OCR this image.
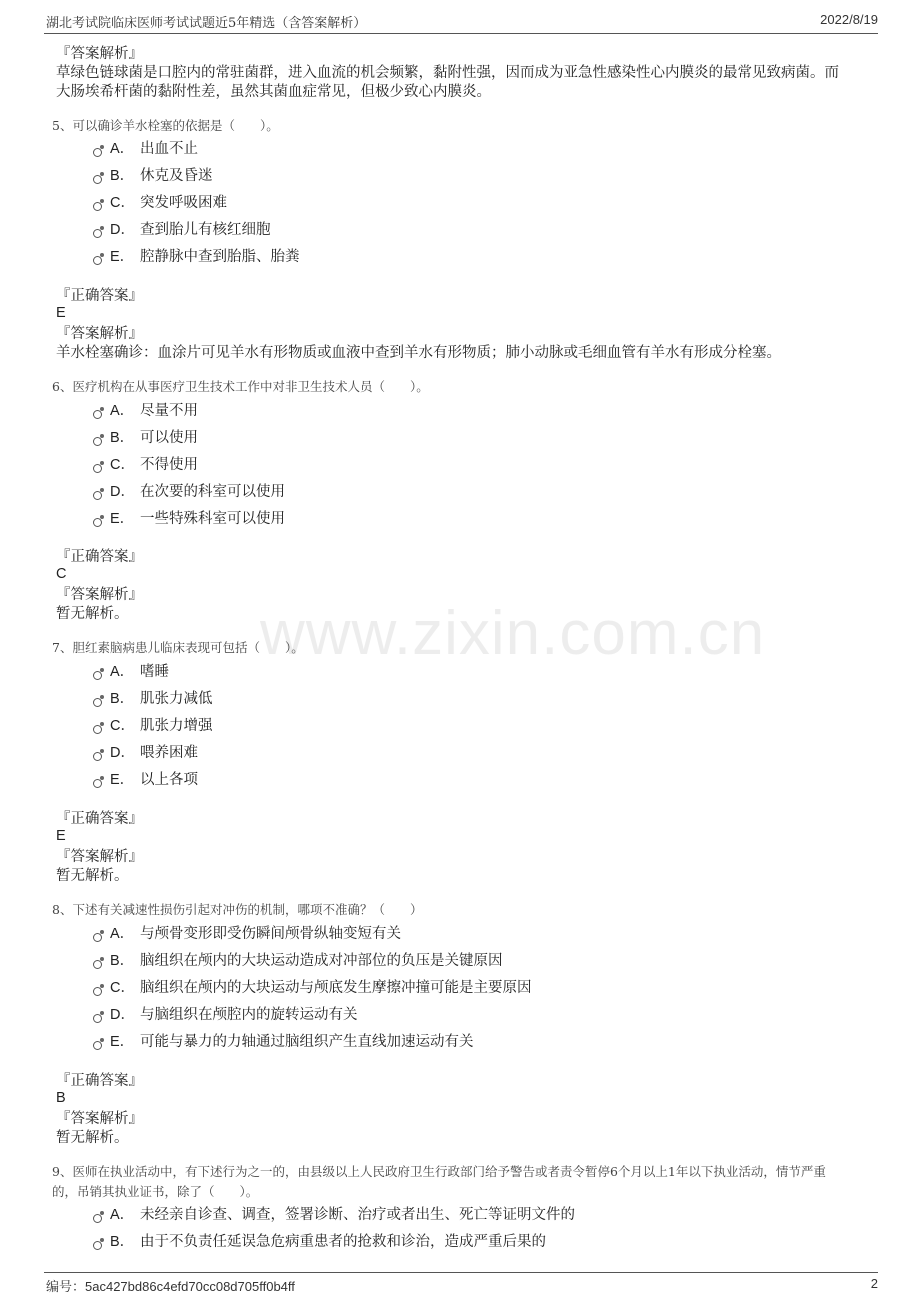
湖北考试院临床医师考试试题近5年精选（含答案解析）	2022/8/19
www.zixin.com.cn
『答案解析』
草绿色链球菌是口腔内的常驻菌群，进入血流的机会频繁，黏附性强，因而成为亚急性感染性心内膜炎的最常见致病菌。而
大肠埃希杆菌的黏附性差，虽然其菌血症常见，但极少致心内膜炎。
5、可以确诊羊水栓塞的依据是（　　）。
A． 出血不止
B． 休克及昏迷
C． 突发呼吸困难
D． 查到胎儿有核红细胞
E． 腔静脉中查到胎脂、胎粪
『正确答案』
E
『答案解析』
羊水栓塞确诊：血涂片可见羊水有形物质或血液中查到羊水有形物质；肺小动脉或毛细血管有羊水有形成分栓塞。
6、医疗机构在从事医疗卫生技术工作中对非卫生技术人员（　　）。
A． 尽量不用
B． 可以使用
C． 不得使用
D． 在次要的科室可以使用
E． 一些特殊科室可以使用
『正确答案』
C
『答案解析』
暂无解析。
7、胆红素脑病患儿临床表现可包括（　　）。
A． 嗜睡
B． 肌张力减低
C． 肌张力增强
D． 喂养困难
E． 以上各项
『正确答案』
E
『答案解析』
暂无解析。
8、下述有关减速性损伤引起对冲伤的机制，哪项不准确？（　　）
A． 与颅骨变形即受伤瞬间颅骨纵轴变短有关
B． 脑组织在颅内的大块运动造成对冲部位的负压是关键原因
C． 脑组织在颅内的大块运动与颅底发生摩擦冲撞可能是主要原因
D． 与脑组织在颅腔内的旋转运动有关
E． 可能与暴力的力轴通过脑组织产生直线加速运动有关
『正确答案』
B
『答案解析』
暂无解析。
9、医师在执业活动中，有下述行为之一的，由县级以上人民政府卫生行政部门给予警告或者责令暂停6个月以上1年以下执业活动，情节严重
的，吊销其执业证书，除了（　　）。
A． 未经亲自诊查、调查，签署诊断、治疗或者出生、死亡等证明文件的
B． 由于不负责任延误急危病重患者的抢救和诊治，造成严重后果的
编号：5ac427bd86c4efd70cc08d705ff0b4ff	2
